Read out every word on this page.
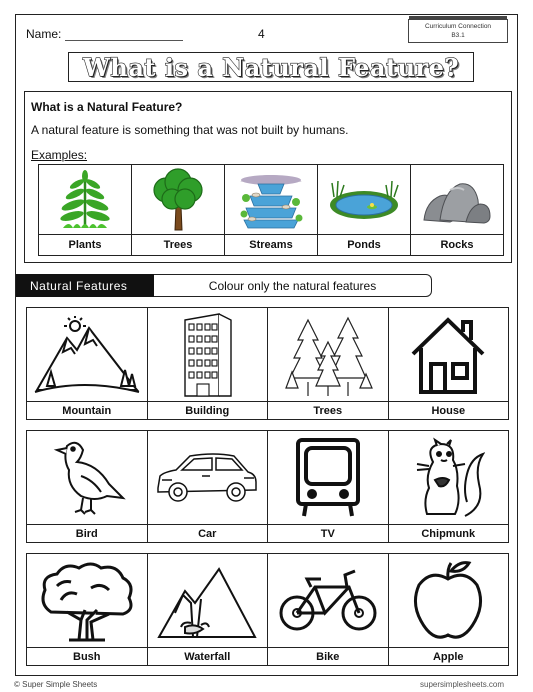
Name:	4
Curriculum Connection
B3.1
What is a Natural Feature?
What is a Natural Feature?
A natural feature is something that was not built by humans.
Examples:
Plants	Trees	Streams	Ponds	Rocks
Natural Features	Colour only the natural features
Mountain	Building	Trees	House
Bird	Car	TV	Chipmunk
Bush	Waterfall	Bike	Apple
© Super Simple Sheets	supersimplesheets.com
